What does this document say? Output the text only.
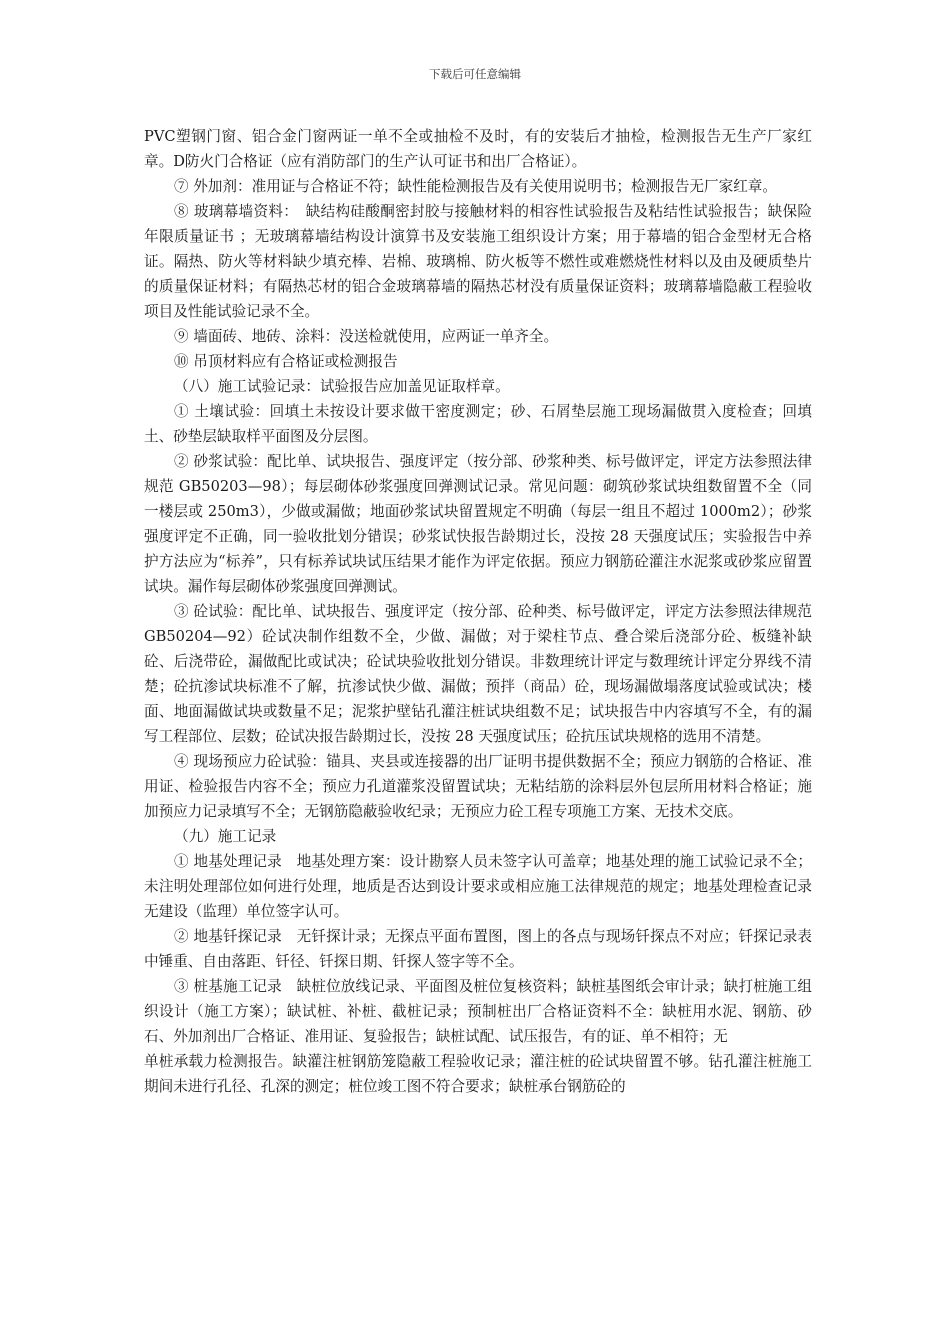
下载后可任意编辑

PVC塑钢门窗、铝合金门窗两证一单不全或抽检不及时，有的安装后才抽检，检测报告无生产厂家红章。D防火门合格证（应有消防部门的生产认可证书和出厂合格证）。

⑦ 外加剂：准用证与合格证不符；缺性能检测报告及有关使用说明书；检测报告无厂家红章。

⑧ 玻璃幕墙资料：　缺结构硅酸酮密封胶与接触材料的相容性试验报告及粘结性试验报告；缺保险年限质量证书 ；无玻璃幕墙结构设计演算书及安装施工组织设计方案；用于幕墙的铝合金型材无合格证。隔热、防火等材料缺少填充棒、岩棉、玻璃棉、防火板等不燃性或难燃烧性材料以及由及硬质垫片的质量保证材料；有隔热芯材的铝合金玻璃幕墙的隔热芯材没有质量保证资料；玻璃幕墙隐蔽工程验收项目及性能试验记录不全。

⑨ 墙面砖、地砖、涂料：没送检就使用，应两证一单齐全。

⑩ 吊顶材料应有合格证或检测报告

（八）施工试验记录：试验报告应加盖见证取样章。

① 土壤试验：回填土未按设计要求做干密度测定；砂、石屑垫层施工现场漏做贯入度检查；回填土、砂垫层缺取样平面图及分层图。

② 砂浆试验：配比单、试块报告、强度评定（按分部、砂浆种类、标号做评定，评定方法参照法律规范 GB50203—98）；每层砌体砂浆强度回弹测试记录。常见问题：砌筑砂浆试块组数留置不全（同一楼层或 250m3），少做或漏做；地面砂浆试块留置规定不明确（每层一组且不超过 1000m2）；砂浆强度评定不正确，同一验收批划分错误；砂浆试快报告龄期过长，没按 28 天强度试压；实验报告中养护方法应为“标养”，只有标养试块试压结果才能作为评定依据。预应力钢筋砼灌注水泥浆或砂浆应留置试块。漏作每层砌体砂浆强度回弹测试。

③ 砼试验：配比单、试块报告、强度评定（按分部、砼种类、标号做评定，评定方法参照法律规范 GB50204—92）砼试决制作组数不全，少做、漏做；对于梁柱节点、叠合梁后浇部分砼、板缝补缺砼、后浇带砼，漏做配比或试决；砼试块验收批划分错误。非数理统计评定与数理统计评定分界线不清楚；砼抗渗试块标准不了解，抗渗试快少做、漏做；预拌（商品）砼，现场漏做塌落度试验或试决；楼面、地面漏做试块或数量不足；泥浆护壁钻孔灌注桩试块组数不足；试块报告中内容填写不全，有的漏写工程部位、层数；砼试决报告龄期过长，没按 28 天强度试压；砼抗压试块规格的选用不清楚。

④ 现场预应力砼试验：锚具、夹县或连接器的出厂证明书提供数据不全；预应力钢筋的合格证、准用证、检验报告内容不全；预应力孔道灌浆没留置试块；无粘结筋的涂料层外包层所用材料合格证；施加预应力记录填写不全；无钢筋隐蔽验收纪录；无预应力砼工程专项施工方案、无技术交底。

（九）施工记录

① 地基处理记录　地基处理方案：设计勘察人员未签字认可盖章；地基处理的施工试验记录不全；未注明处理部位如何进行处理，地质是否达到设计要求或相应施工法律规范的规定；地基处理检查记录无建设（监理）单位签字认可。

② 地基钎探记录　无钎探计录；无探点平面布置图，图上的各点与现场钎探点不对应；钎探记录表中锤重、自由落距、钎径、钎探日期、钎探人签字等不全。

③ 桩基施工记录　缺桩位放线记录、平面图及桩位复核资料；缺桩基图纸会审计录；缺打桩施工组织设计（施工方案）；缺试桩、补桩、截桩记录；预制桩出厂合格证资料不全：缺桩用水泥、钢筋、砂石、外加剂出厂合格证、准用证、复验报告；缺桩试配、试压报告，有的证、单不相符；无

单桩承载力检测报告。缺灌注桩钢筋笼隐蔽工程验收记录；灌注桩的砼试块留置不够。钻孔灌注桩施工期间未进行孔径、孔深的测定；桩位竣工图不符合要求；缺桩承台钢筋砼的
